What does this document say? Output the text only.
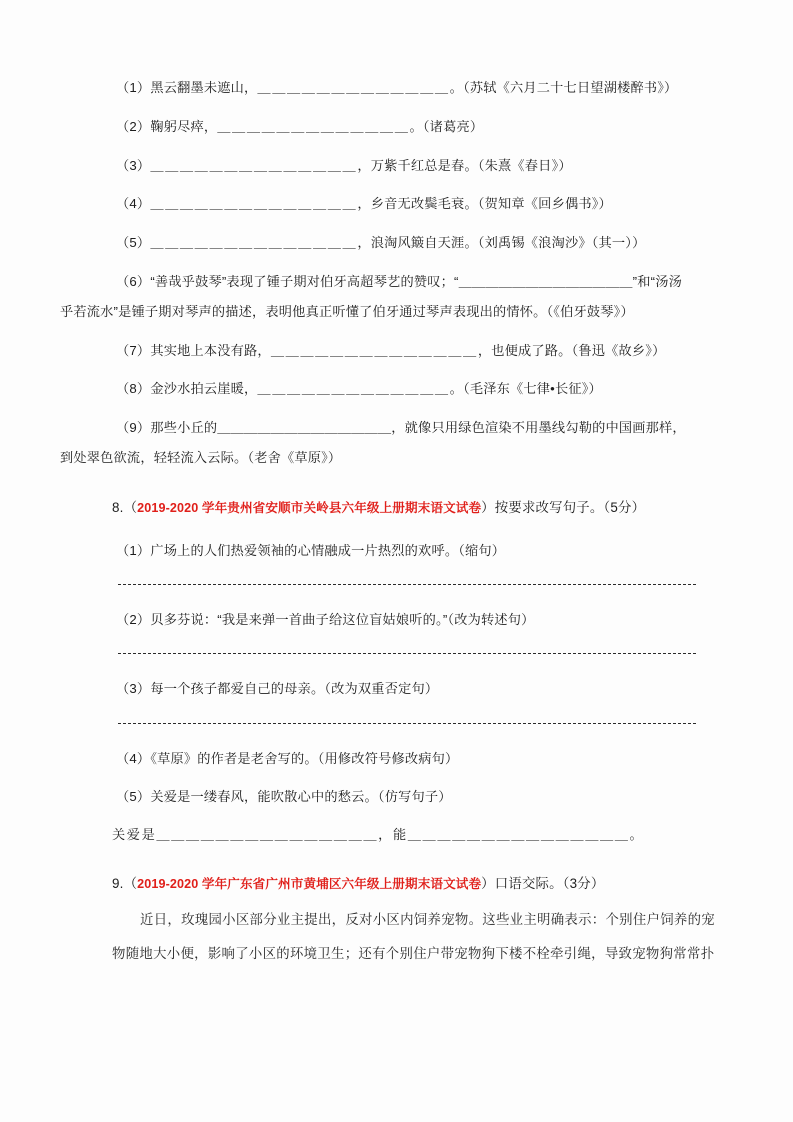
（1）黑云翻墨未遮山，＿＿＿＿＿＿＿＿＿＿＿＿＿。（苏轼《六月二十七日望湖楼醉书》）
（2）鞠躬尽瘁，＿＿＿＿＿＿＿＿＿＿＿＿＿。（诸葛亮）
（3）＿＿＿＿＿＿＿＿＿＿＿＿＿＿，万紫千红总是春。（朱熹《春日》）
（4）＿＿＿＿＿＿＿＿＿＿＿＿＿＿，乡音无改鬓毛衰。（贺知章《回乡偶书》）
（5）＿＿＿＿＿＿＿＿＿＿＿＿＿＿，浪淘风簸自天涯。（刘禹锡《浪淘沙》（其一））
（6）“善哉乎鼓琴”表现了锺子期对伯牙高超琴艺的赞叹；“＿＿＿＿＿＿＿＿＿＿＿＿＿”和“汤汤
乎若流水”是锺子期对琴声的描述，表明他真正听懂了伯牙通过琴声表现出的情怀。（《伯牙鼓琴》）
（7）其实地上本没有路，＿＿＿＿＿＿＿＿＿＿＿＿＿＿，也便成了路。（鲁迅《故乡》）
（8）金沙水拍云崖暖，＿＿＿＿＿＿＿＿＿＿＿＿＿。（毛泽东《七律•长征》）
（9）那些小丘的＿＿＿＿＿＿＿＿＿＿＿＿＿，就像只用绿色渲染不用墨线勾勒的中国画那样，
到处翠色欲流，轻轻流入云际。（老舍《草原》）
8.（2019-2020 学年贵州省安顺市关岭县六年级上册期末语文试卷）按要求改写句子。（5分）
（1）广场上的人们热爱领袖的心情融成一片热烈的欢呼。（缩句）
（2）贝多芬说：“我是来弹一首曲子给这位盲姑娘听的。”（改为转述句）
（3）每一个孩子都爱自己的母亲。（改为双重否定句）
（4）《草原》的作者是老舍写的。（用修改符号修改病句）
（5）关爱是一缕春风，能吹散心中的愁云。（仿写句子）
关爱是＿＿＿＿＿＿＿＿＿＿＿＿＿＿＿，能＿＿＿＿＿＿＿＿＿＿＿＿＿＿＿。
9.（2019-2020 学年广东省广州市黄埔区六年级上册期末语文试卷）口语交际。（3分）
近日，玫瑰园小区部分业主提出，反对小区内饲养宠物。这些业主明确表示：个别住户饲养的宠
物随地大小便，影响了小区的环境卫生；还有个别住户带宠物狗下楼不栓牵引绳，导致宠物狗常常扑
